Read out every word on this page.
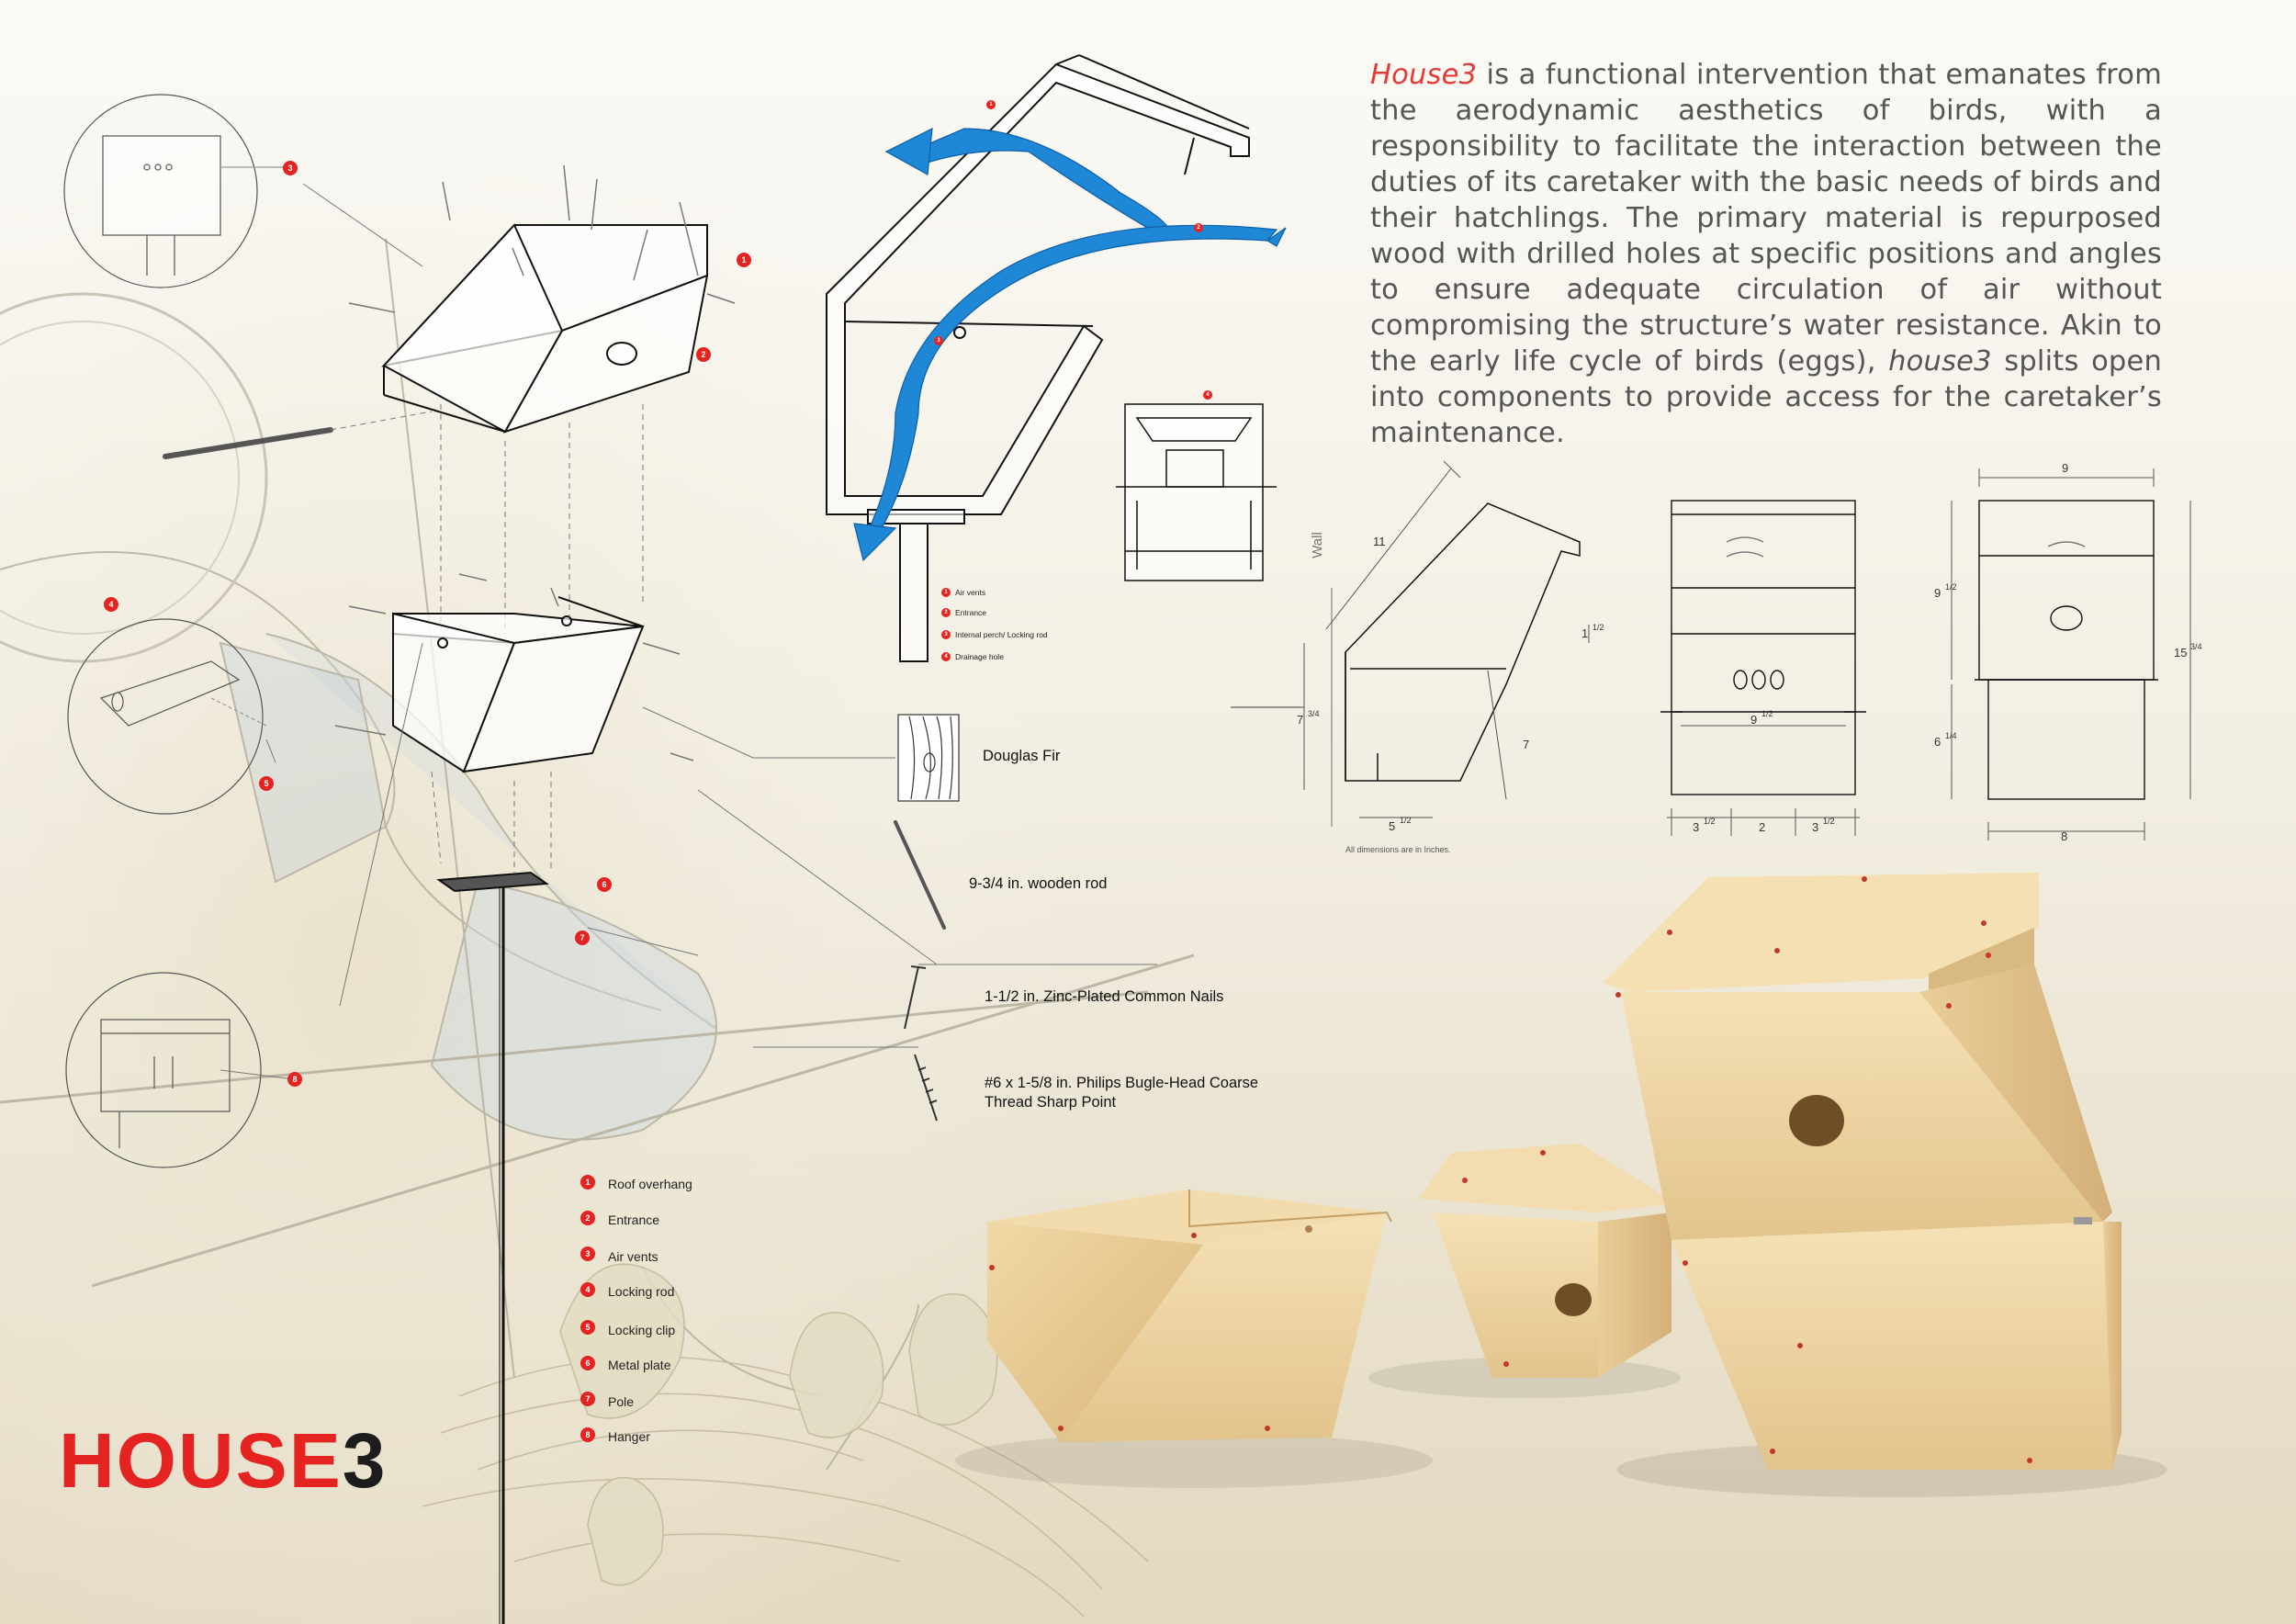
House3 is a functional intervention that emanates from the aerodynamic aesthetics of birds, with a responsibility to facilitate the interaction between the duties of its caretaker with the basic needs of birds and their hatchlings. The primary material is repurposed wood with drilled holes at specific positions and angles to ensure adequate circulation of air without compromising the structure’s water resistance. Akin to the early life cycle of birds (eggs), house3 splits open into components to provide access for the caretaker’s maintenance.
3
1
2
4
5
6
7
8
1
2
3
4
1 Air vents
2 Entrance
3 Internal perch/ Locking rod
4 Drainage hole
Douglas Fir
9-3/4 in. wooden rod
1-1/2 in. Zinc-Plated Common Nails
#6 x 1-5/8 in. Philips Bugle-Head Coarse
Thread Sharp Point
1	Roof overhang
2	Entrance
3	Air vents
4	Locking rod
5	Locking clip
6	Metal plate
7	Pole
8	Hanger
Wall	11
7
7 3/4
5 1/2
1 1/2
9 1/2
3 1/2	2	3 1/2
9
9 1/2
6 1/4
15 3/4
8
All dimensions are in Inches.
HOUSE3
